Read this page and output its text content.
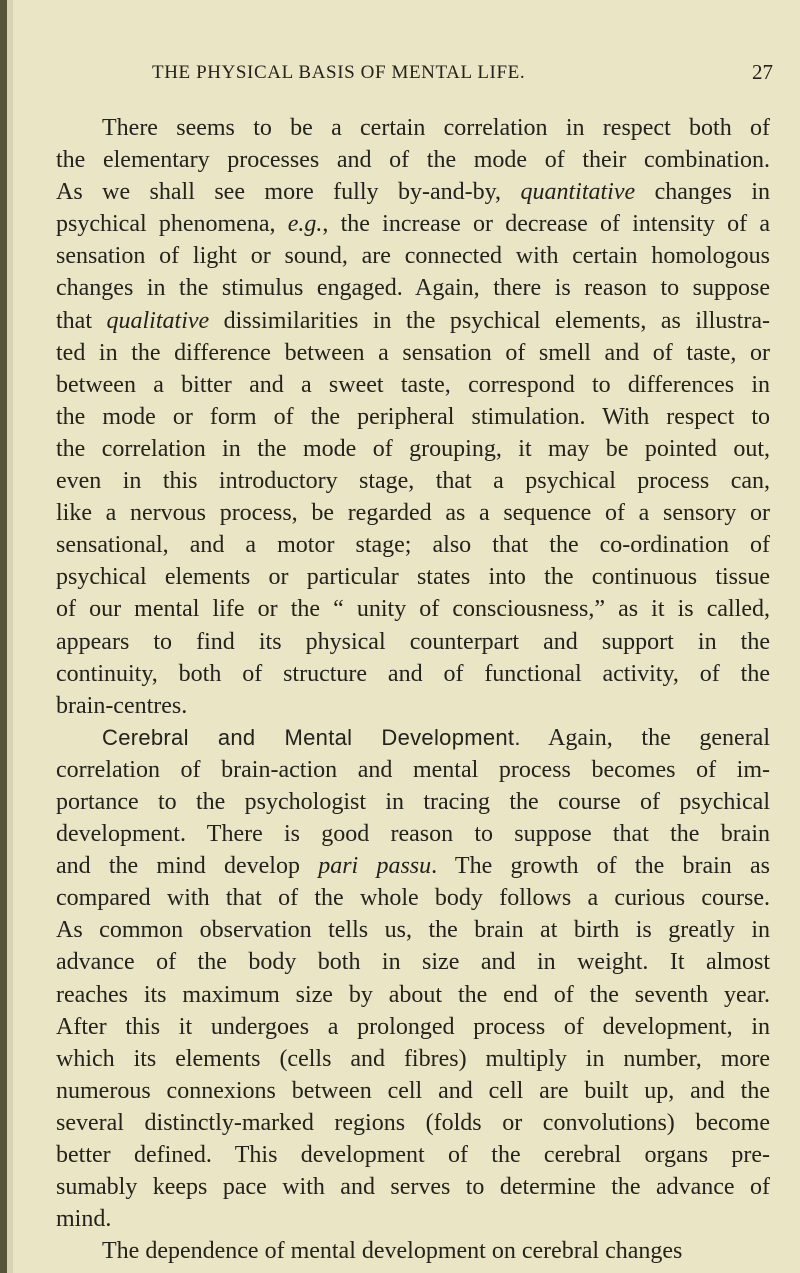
THE PHYSICAL BASIS OF MENTAL LIFE.	27
There seems to be a certain correlation in respect both of
the elementary processes and of the mode of their combination.
As we shall see more fully by-and-by, quantitative changes in
psychical phenomena, e.g., the increase or decrease of intensity of a
sensation of light or sound, are connected with certain homologous
changes in the stimulus engaged. Again, there is reason to suppose
that qualitative dissimilarities in the psychical elements, as illustra-
ted in the difference between a sensation of smell and of taste, or
between a bitter and a sweet taste, correspond to differences in
the mode or form of the peripheral stimulation. With respect to
the correlation in the mode of grouping, it may be pointed out,
even in this introductory stage, that a psychical process can,
like a nervous process, be regarded as a sequence of a sensory or
sensational, and a motor stage; also that the co-ordination of
psychical elements or particular states into the continuous tissue
of our mental life or the “ unity of consciousness,” as it is called,
appears to find its physical counterpart and support in the
continuity, both of structure and of functional activity, of the
brain-centres.
Cerebral and Mental Development. Again, the general
correlation of brain-action and mental process becomes of im-
portance to the psychologist in tracing the course of psychical
development. There is good reason to suppose that the brain
and the mind develop pari passu. The growth of the brain as
compared with that of the whole body follows a curious course.
As common observation tells us, the brain at birth is greatly in
advance of the body both in size and in weight. It almost
reaches its maximum size by about the end of the seventh year.
After this it undergoes a prolonged process of development, in
which its elements (cells and fibres) multiply in number, more
numerous connexions between cell and cell are built up, and the
several distinctly-marked regions (folds or convolutions) become
better defined. This development of the cerebral organs pre-
sumably keeps pace with and serves to determine the advance of
mind.
The dependence of mental development on cerebral changes
